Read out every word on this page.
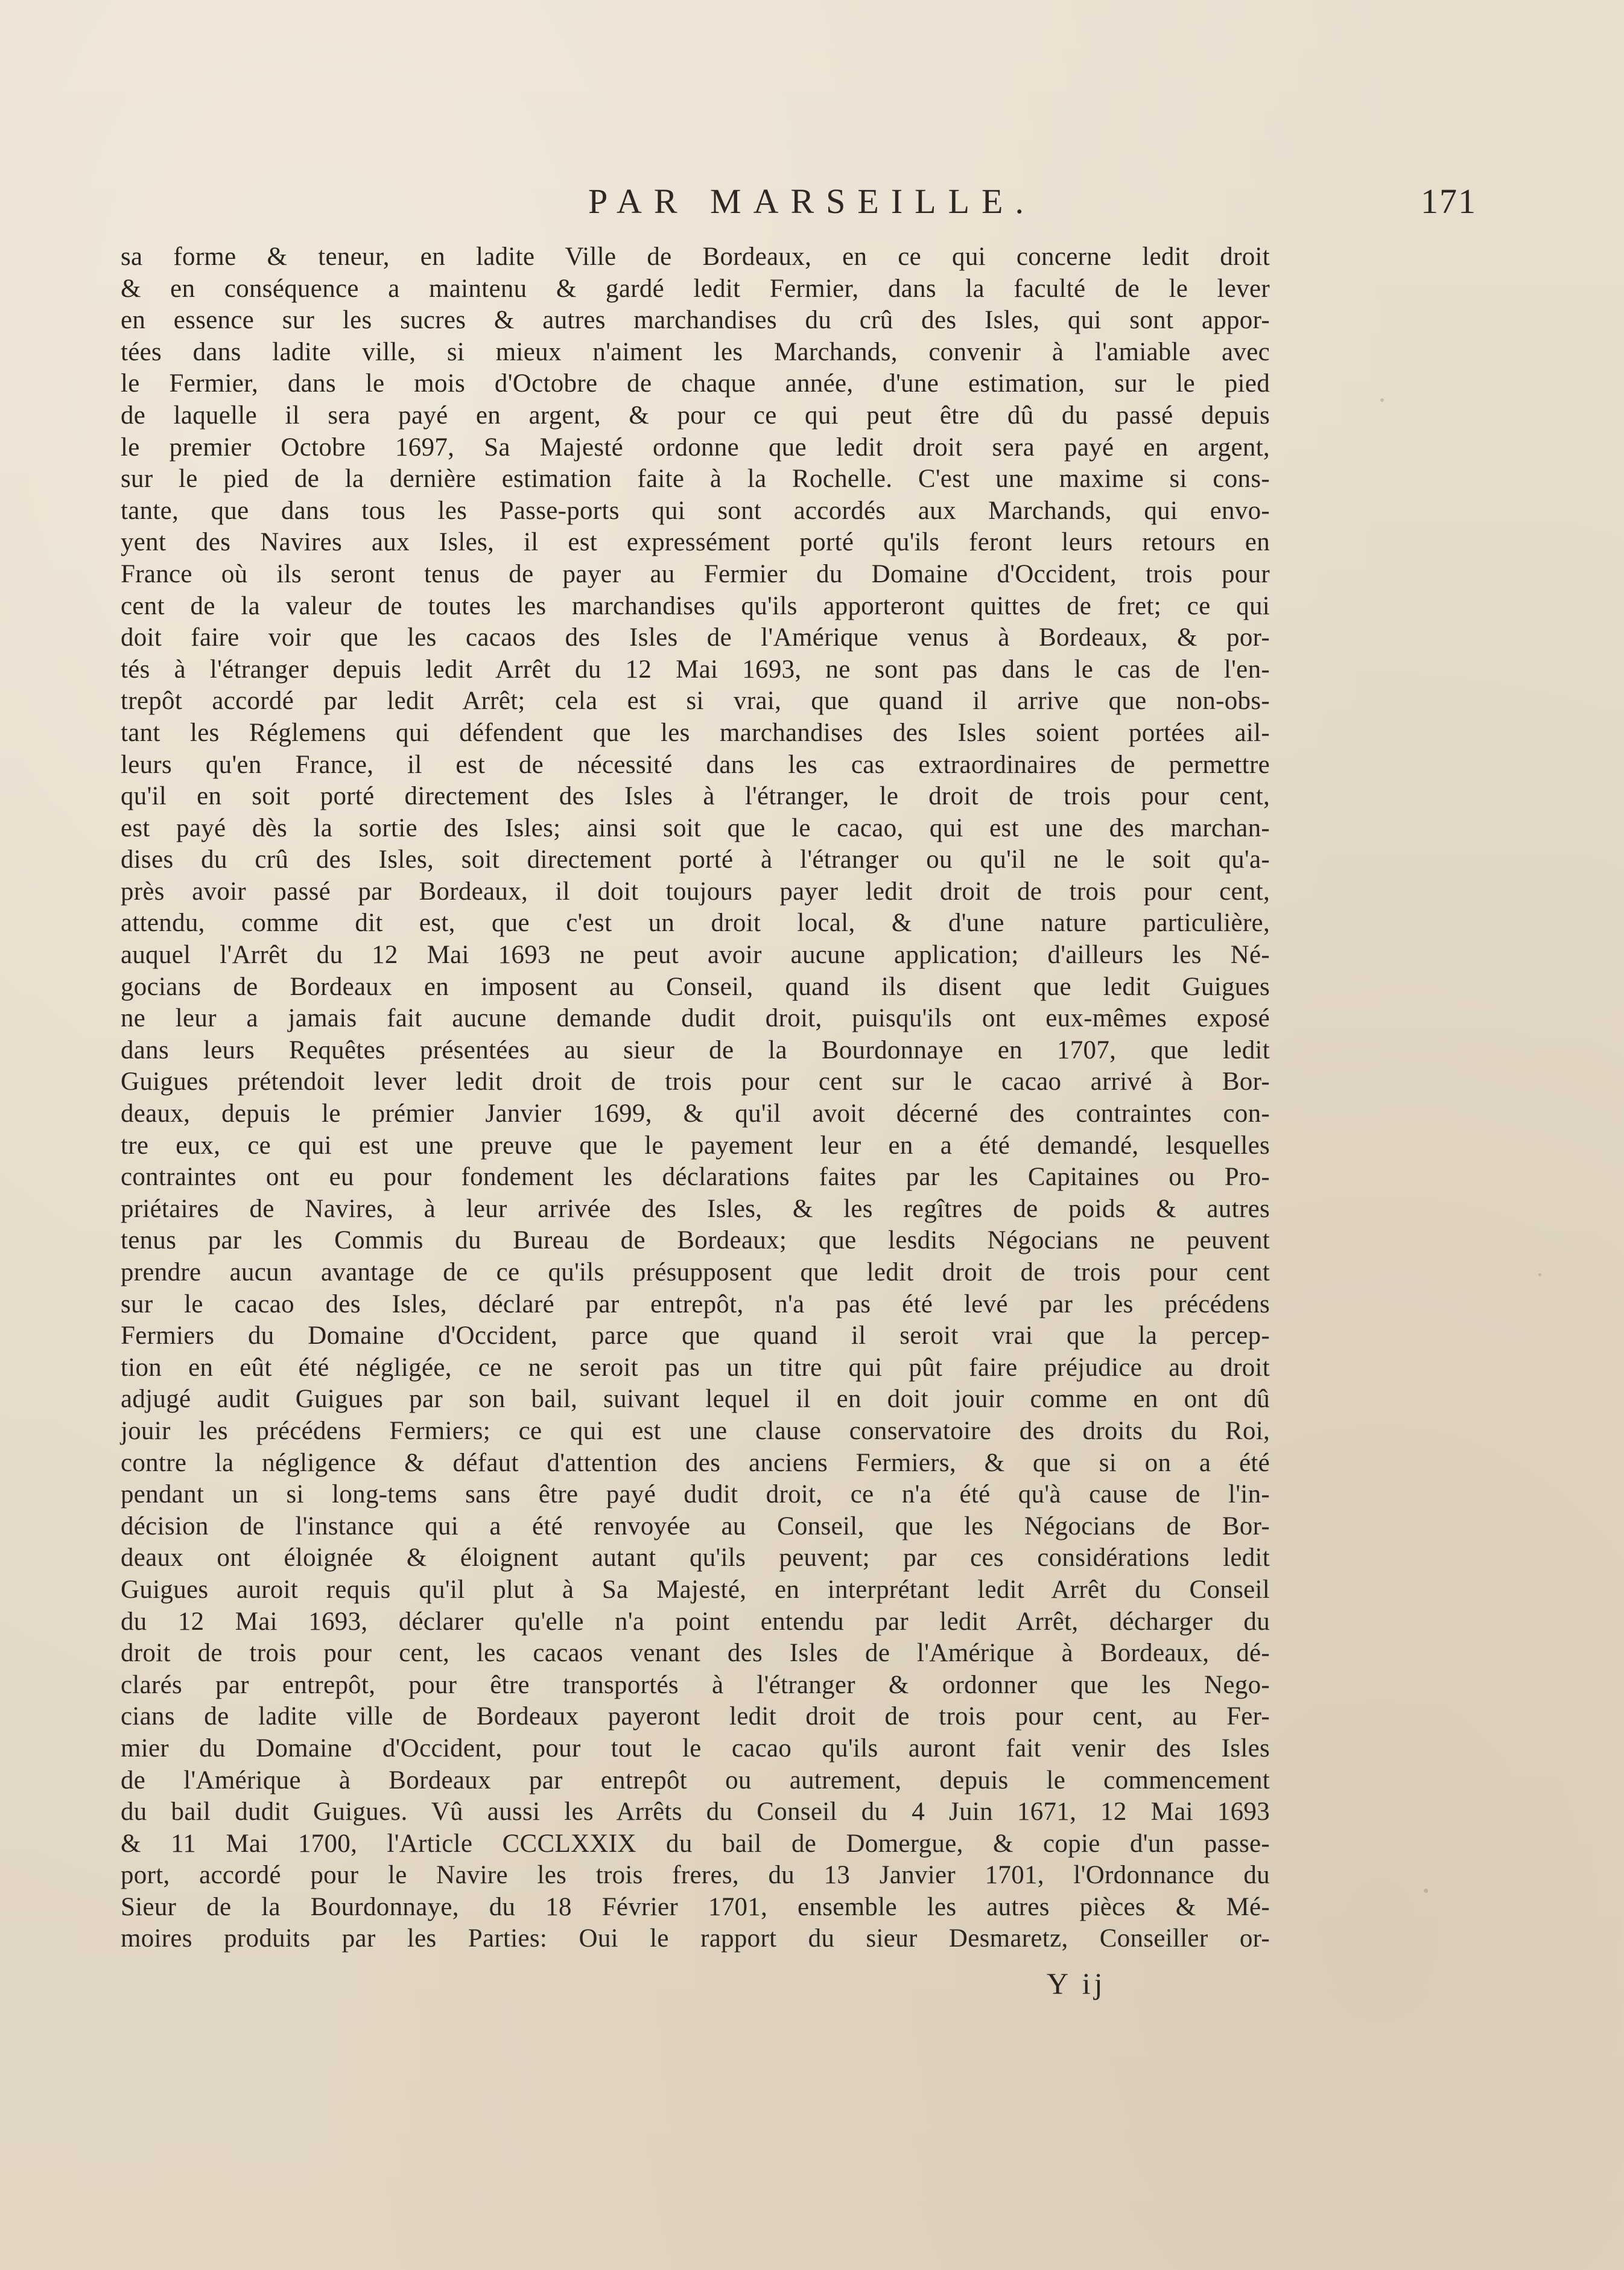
PAR MARSEILLE.	171
sa forme & teneur, en ladite Ville de Bordeaux, en ce qui concerne ledit droit
& en conséquence a maintenu & gardé ledit Fermier, dans la faculté de le lever
en essence sur les sucres & autres marchandises du crû des Isles, qui sont appor-
tées dans ladite ville, si mieux n'aiment les Marchands, convenir à l'amiable avec
le Fermier, dans le mois d'Octobre de chaque année, d'une estimation, sur le pied
de laquelle il sera payé en argent, & pour ce qui peut être dû du passé depuis
le premier Octobre 1697, Sa Majesté ordonne que ledit droit sera payé en argent,
sur le pied de la dernière estimation faite à la Rochelle. C'est une maxime si cons-
tante, que dans tous les Passe-ports qui sont accordés aux Marchands, qui envo-
yent des Navires aux Isles, il est expressément porté qu'ils feront leurs retours en
France où ils seront tenus de payer au Fermier du Domaine d'Occident, trois pour
cent de la valeur de toutes les marchandises qu'ils apporteront quittes de fret; ce qui
doit faire voir que les cacaos des Isles de l'Amérique venus à Bordeaux, & por-
tés à l'étranger depuis ledit Arrêt du 12 Mai 1693, ne sont pas dans le cas de l'en-
trepôt accordé par ledit Arrêt; cela est si vrai, que quand il arrive que non-obs-
tant les Réglemens qui défendent que les marchandises des Isles soient portées ail-
leurs qu'en France, il est de nécessité dans les cas extraordinaires de permettre
qu'il en soit porté directement des Isles à l'étranger, le droit de trois pour cent,
est payé dès la sortie des Isles; ainsi soit que le cacao, qui est une des marchan-
dises du crû des Isles, soit directement porté à l'étranger ou qu'il ne le soit qu'a-
près avoir passé par Bordeaux, il doit toujours payer ledit droit de trois pour cent,
attendu, comme dit est, que c'est un droit local, & d'une nature particulière,
auquel l'Arrêt du 12 Mai 1693 ne peut avoir aucune application; d'ailleurs les Né-
gocians de Bordeaux en imposent au Conseil, quand ils disent que ledit Guigues
ne leur a jamais fait aucune demande dudit droit, puisqu'ils ont eux-mêmes exposé
dans leurs Requêtes présentées au sieur de la Bourdonnaye en 1707, que ledit
Guigues prétendoit lever ledit droit de trois pour cent sur le cacao arrivé à Bor-
deaux, depuis le prémier Janvier 1699, & qu'il avoit décerné des contraintes con-
tre eux, ce qui est une preuve que le payement leur en a été demandé, lesquelles
contraintes ont eu pour fondement les déclarations faites par les Capitaines ou Pro-
priétaires de Navires, à leur arrivée des Isles, & les regîtres de poids & autres
tenus par les Commis du Bureau de Bordeaux; que lesdits Négocians ne peuvent
prendre aucun avantage de ce qu'ils présupposent que ledit droit de trois pour cent
sur le cacao des Isles, déclaré par entrepôt, n'a pas été levé par les précédens
Fermiers du Domaine d'Occident, parce que quand il seroit vrai que la percep-
tion en eût été négligée, ce ne seroit pas un titre qui pût faire préjudice au droit
adjugé audit Guigues par son bail, suivant lequel il en doit jouir comme en ont dû
jouir les précédens Fermiers; ce qui est une clause conservatoire des droits du Roi,
contre la négligence & défaut d'attention des anciens Fermiers, & que si on a été
pendant un si long-tems sans être payé dudit droit, ce n'a été qu'à cause de l'in-
décision de l'instance qui a été renvoyée au Conseil, que les Négocians de Bor-
deaux ont éloignée & éloignent autant qu'ils peuvent; par ces considérations ledit
Guigues auroit requis qu'il plut à Sa Majesté, en interprétant ledit Arrêt du Conseil
du 12 Mai 1693, déclarer qu'elle n'a point entendu par ledit Arrêt, décharger du
droit de trois pour cent, les cacaos venant des Isles de l'Amérique à Bordeaux, dé-
clarés par entrepôt, pour être transportés à l'étranger & ordonner que les Nego-
cians de ladite ville de Bordeaux payeront ledit droit de trois pour cent, au Fer-
mier du Domaine d'Occident, pour tout le cacao qu'ils auront fait venir des Isles
de l'Amérique à Bordeaux par entrepôt ou autrement, depuis le commencement
du bail dudit Guigues. Vû aussi les Arrêts du Conseil du 4 Juin 1671, 12 Mai 1693
& 11 Mai 1700, l'Article CCCLXXIX du bail de Domergue, & copie d'un passe-
port, accordé pour le Navire les trois freres, du 13 Janvier 1701, l'Ordonnance du
Sieur de la Bourdonnaye, du 18 Février 1701, ensemble les autres pièces & Mé-
moires produits par les Parties: Oui le rapport du sieur Desmaretz, Conseiller or-
Y ij
